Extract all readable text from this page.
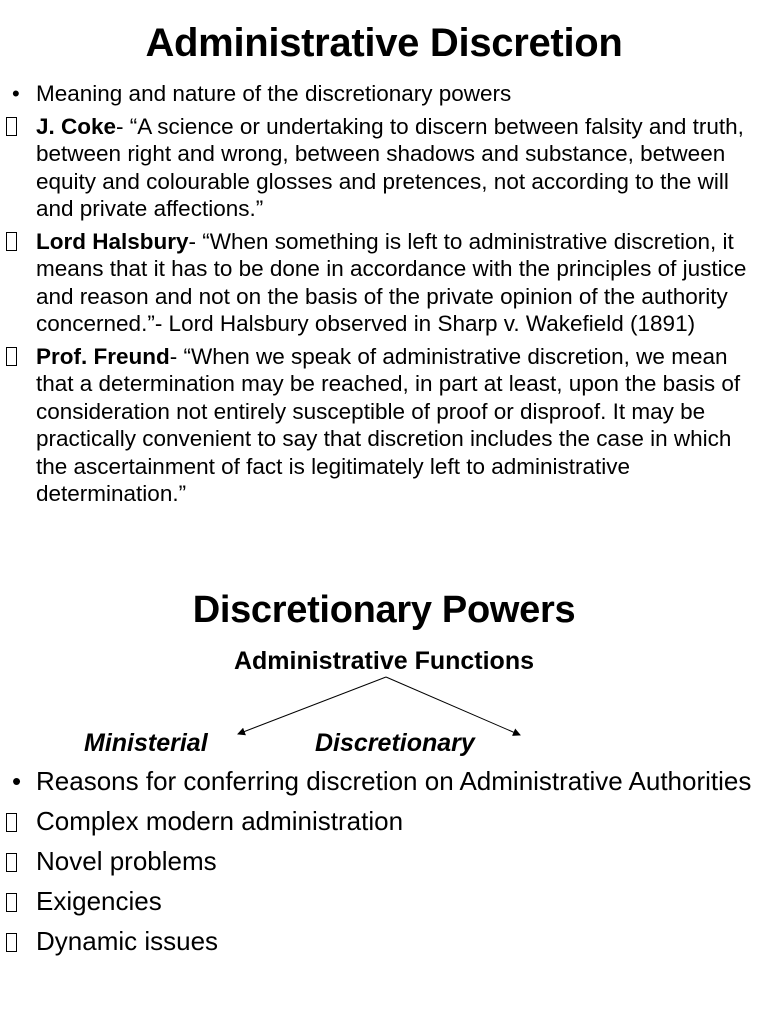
Administrative Discretion
• Meaning and nature of the discretionary powers
J. Coke- “A science or undertaking to discern between falsity and truth, between right and wrong, between shadows and substance, between equity and colourable glosses and pretences, not according to the will and private affections.”
Lord Halsbury- “When something is left to administrative discretion, it means that it has to be done in accordance with the principles of justice and reason and not on the basis of the private opinion of the authority concerned.”- Lord Halsbury observed in Sharp v. Wakefield (1891)
Prof. Freund- “When we speak of administrative discretion, we mean that a determination may be reached, in part at least, upon the basis of consideration not entirely susceptible of proof or disproof. It may be practically convenient to say that discretion includes the case in which the ascertainment of fact is legitimately left to administrative determination.”
Discretionary Powers
Administrative Functions
Ministerial	Discretionary
• Reasons for conferring discretion on Administrative Authorities
Complex modern administration
Novel problems
Exigencies
Dynamic issues
